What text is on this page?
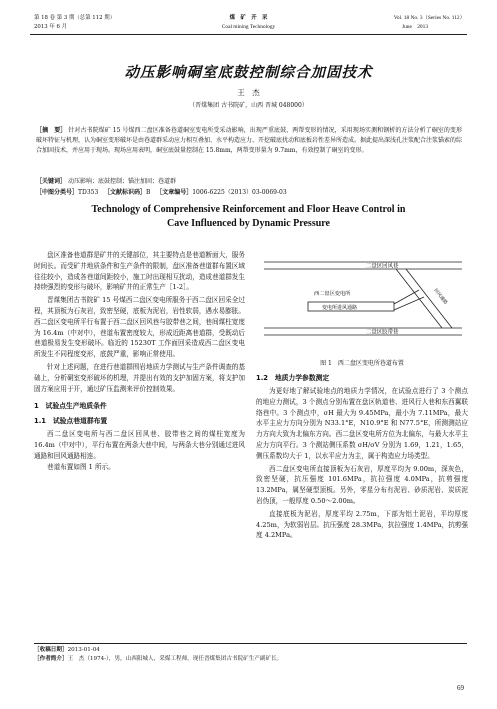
第 18 卷 第 3 期（总第 112 期）
2013 年 6 月
煤　矿　开　采
Coal mining Technology
Vol. 18 No. 3（Series No. 112）
June　2013
动压影响硐室底鼓控制综合加固技术
王　杰
（晋煤集团 古书院矿，山西 晋城 048000）
［摘　要］ 针对古书院煤矿 15 号煤西二盘区准备巷道硐室变电所受采动影响，出现严重底鼓、两帮变形的情况，采用现场实测和钢析的方法分析了硐室的变形破坏特征与机理，认为硐室变形破坏是由巷道群采动应力相互叠加、水平构造应力、开挖破底扰动和底板岩性差异所造成。据此提出深浅孔注浆配合注浆锚索的综合加固技术，并应用于现场。现场应用表明，硐室底鼓量控制在 15.8mm，两帮变形量为 9.7mm，有效控制了硐室的变形。
［关键词］ 动压影响；底鼓控制；锚注加固；巷道群
［中图分类号］TD353 ［文献标识码］B ［文章编号］1006-6225（2013）03-0069-03
Technology of Comprehensive Reinforcement and Floor Heave Control in
Cave Influenced by Dynamic Pressure
盘区准备巷道群是矿井的关键部位，其主要特点是巷道断面大，服务时间长。而受矿井地质条件和生产条件的限制，盘区准备巷道群布置区域往往较小，造成各巷道间距较小，施工时出现相互扰动，造成巷道群发生持续强烈的变形与破坏，影响矿井的正常生产［1-2］。
晋煤集团古书院矿 15 号煤西二盘区变电所服务于西二盘区回采全过程，其顶板为石灰岩，致密坚硬，底板为泥岩，岩性软弱，遇水易膨胀。西二盘区变电所平行布置于西二盘区回风巷与胶带巷之间，巷间煤柱宽度为 16.4m（中对中），巷道布置密度较大，形成近距离巷道群，受既动后巷道极易发生变形破坏。临近的 15230T 工作面回采造成西二盘区变电所发生不同程度变形，底鼓严重，影响正常使用。
针对上述问题，在进行巷道群围岩地质力学测试与生产条件调查的基础上，分析硐室变形破坏的机理，并提出有效的支护加固方案，将支护加固方案应用于开，通过矿压监测来评价控制效果。
1　试验点生产地质条件
1.1　试验点巷道群布置
西二盘区变电所与西二盘区回风巷、胶带巷之间的煤柱宽度为 16.4m（中对中），平行布置在两条大巷中间，与两条大巷分别通过进风通路和回风通路相连。
巷道布置如图 1 所示。
二盘区回风巷
西二盘区变电所
变电所进风通路
二盘区胶带巷
回风通路
图 1　西二盘区变电所巷道布置
1.2　地质力学参数测定
为更好地了解试验地点的地质力学情况，在试验点进行了 3 个测点的地应力测试，3 个测点分别布置在盘区轨道巷、进风行人巷和东西翼联络巷中。3 个测点中，σH 最大为 9.45MPa，最小为 7.11MPa，最大水平主应力方向分别为 N33.1°E，N10.9°E 和 N77.5°E，所测测站应力方向大致为北偏东方向。西二盘区变电所方位为北偏东，与最大水平主应力方向平行。3 个测站侧压系数 σH/σV 分别为 1.69，1.21，1.65，侧压系数均大于 1，以水平应力为主，属于构造应力场类型。
西二盘区变电所直接顶板为石灰岩，厚度平均为 9.00m，深灰色，致密坚硬，抗压强度 101.6MPa，抗拉强度 4.0MPa，抗剪强度 13.2MPa，属坚硬型顶板。另外，零星分布有泥岩、砂质泥岩、炭质泥岩伪顶，一般厚度 0.50～2.00m。
直接底板为泥岩，厚度平均 2.75m，下部为铝土泥岩，平均厚度 4.25m，为软弱岩层。抗压强度 28.3MPa，抗拉强度 1.4MPa，抗剪强度 4.2MPa。
［收稿日期］2013-01-04
［作者简介］王　杰（1974-），男，山西阳城人，采煤工程师，现任晋煤集团古书院矿生产副矿长。
69
